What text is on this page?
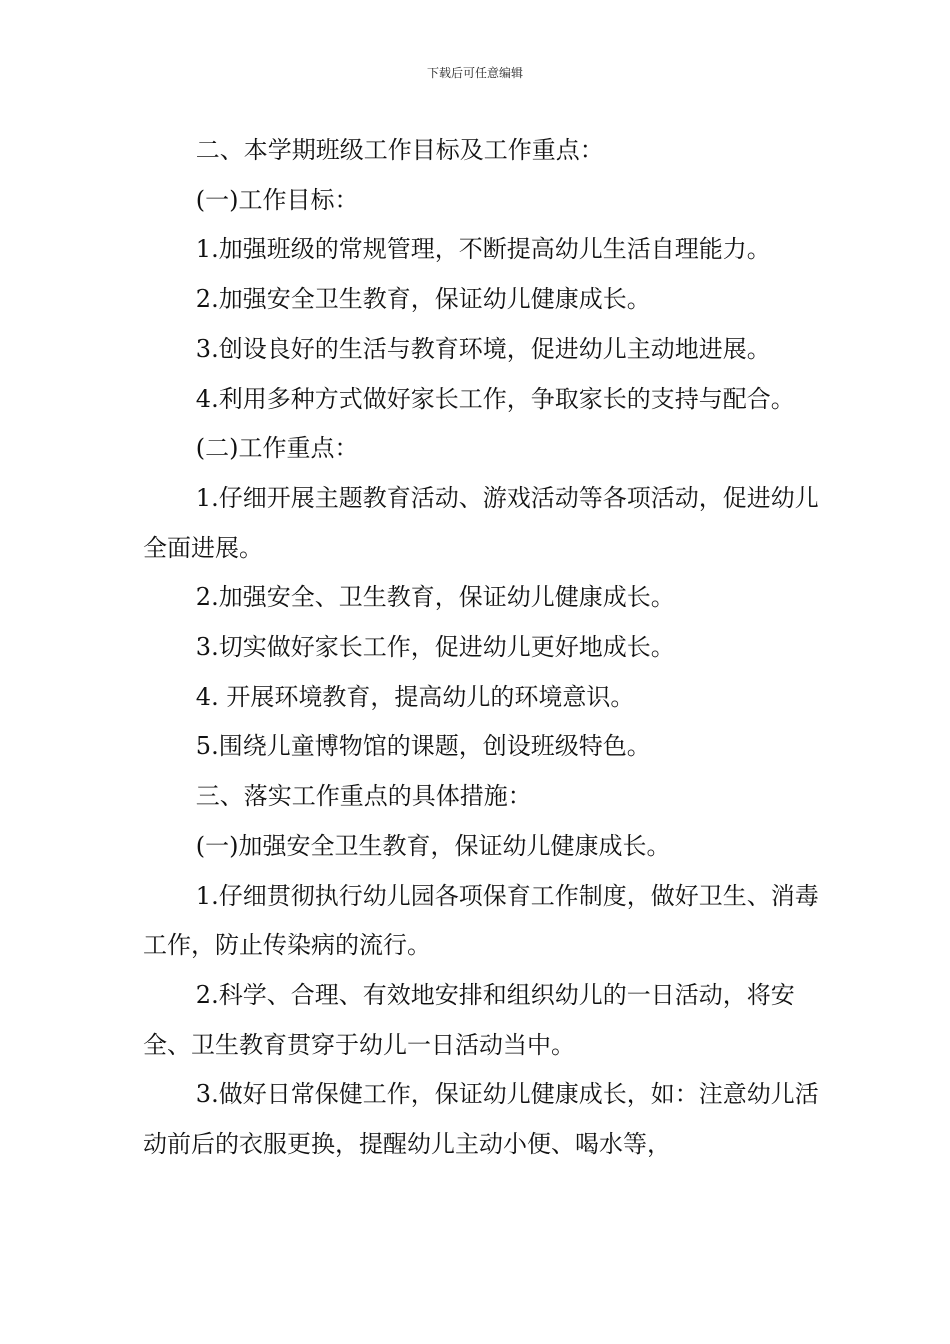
下载后可任意编辑

二、本学期班级工作目标及工作重点：

(一)工作目标：

1.加强班级的常规管理，不断提高幼儿生活自理能力。

2.加强安全卫生教育，保证幼儿健康成长。

3.创设良好的生活与教育环境，促进幼儿主动地进展。

4.利用多种方式做好家长工作，争取家长的支持与配合。

(二)工作重点：

1.仔细开展主题教育活动、游戏活动等各项活动，促进幼儿全面进展。

2.加强安全、卫生教育，保证幼儿健康成长。

3.切实做好家长工作，促进幼儿更好地成长。

4. 开展环境教育，提高幼儿的环境意识。

5.围绕儿童博物馆的课题，创设班级特色。

三、落实工作重点的具体措施：

(一)加强安全卫生教育，保证幼儿健康成长。

1.仔细贯彻执行幼儿园各项保育工作制度，做好卫生、消毒工作，防止传染病的流行。

2.科学、合理、有效地安排和组织幼儿的一日活动，将安全、卫生教育贯穿于幼儿一日活动当中。

3.做好日常保健工作，保证幼儿健康成长，如：注意幼儿活动前后的衣服更换，提醒幼儿主动小便、喝水等，
